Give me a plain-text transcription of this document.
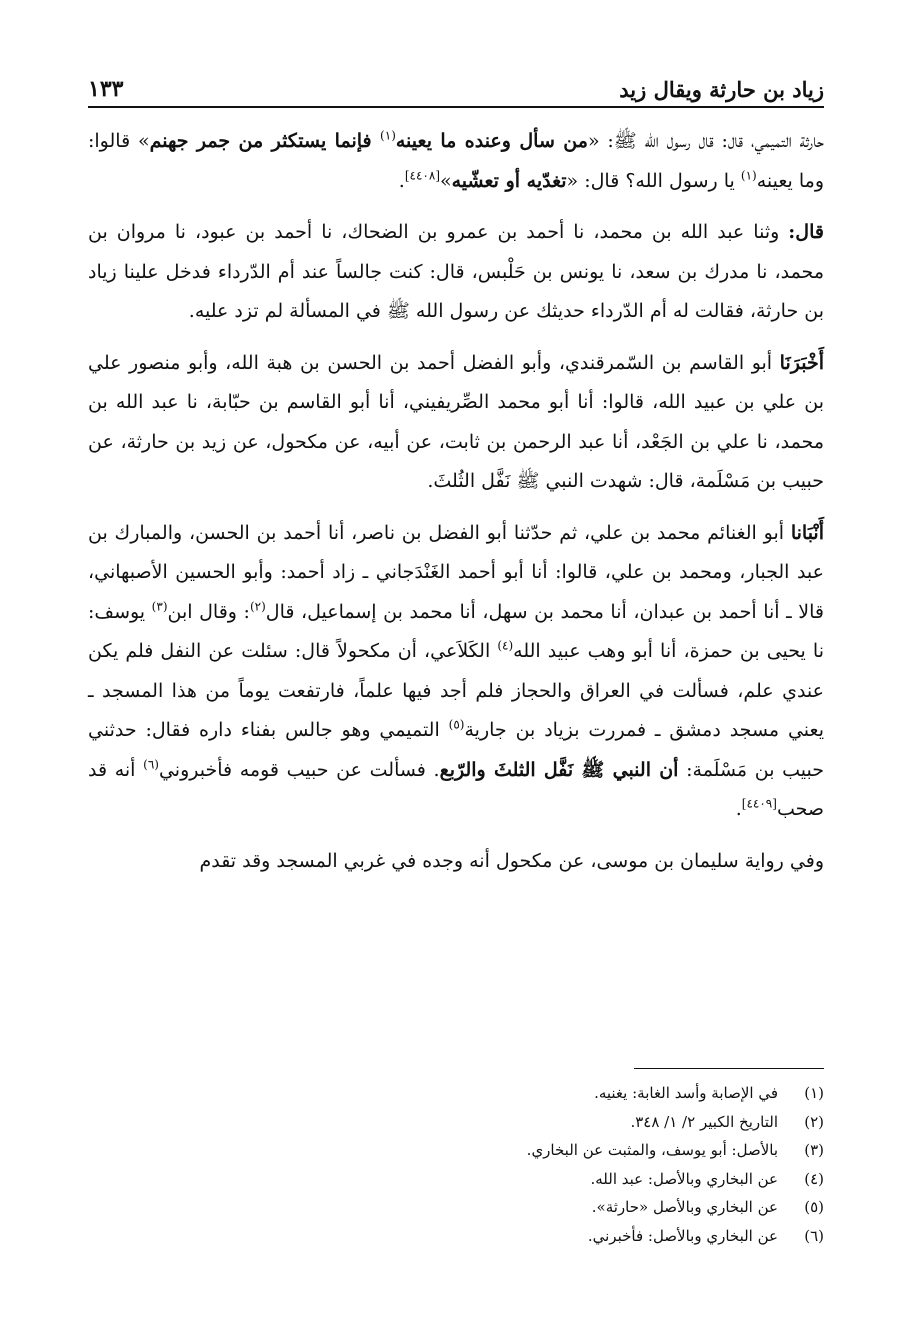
زياد بن حارثة ويقال زيد
١٣٣

حارثة التميمي، قال: قال رسول الله ﷺ: «من سأل وعنده ما يعينه$^{(١)}$ فإنما يستكثر من جمر جهنم» قالوا: وما يعينه$^{(١)}$ يا رسول الله؟ قال: «تغدّيه أو تعشّيه»[٤٤٠٨].

قال: وثنا عبد الله بن محمد، نا أحمد بن عمرو بن الضحاك، نا أحمد بن عبود، نا مروان بن محمد، نا مدرك بن سعد، نا يونس بن حَلْبس، قال: كنت جالساً عند أم الدّرداء فدخل علينا زياد بن حارثة، فقالت له أم الدّرداء حديثك عن رسول الله ﷺ في المسألة لم تزد عليه.

أَخْبَرَنَا أبو القاسم بن السّمرقندي، وأبو الفضل أحمد بن الحسن بن هبة الله، وأبو منصور علي بن علي بن عبيد الله، قالوا: أنا أبو محمد الصِّريفيني، أنا أبو القاسم بن حبّابة، نا عبد الله بن محمد، نا علي بن الجَعْد، أنا عبد الرحمن بن ثابت، عن أبيه، عن مكحول، عن زيد بن حارثة، عن حبيب بن مَسْلَمة، قال: شهدت النبي ﷺ نَفَّل الثُلثَ.

أَنْبَانا أبو الغنائم محمد بن علي، ثم حدّثنا أبو الفضل بن ناصر، أنا أحمد بن الحسن، والمبارك بن عبد الجبار، ومحمد بن علي، قالوا: أنا أبو أحمد الغَنْدَجاني ـ زاد أحمد: وأبو الحسين الأصبهاني، قالا ـ أنا أحمد بن عبدان، أنا محمد بن سهل، أنا محمد بن إسماعيل، قال$^{(٢)}$: وقال ابن$^{(٣)}$ يوسف: نا يحيى بن حمزة، أنا أبو وهب عبيد الله$^{(٤)}$ الكَلاَعي، أن مكحولاً قال: سئلت عن النفل فلم يكن عندي علم، فسألت في العراق والحجاز فلم أجد فيها علماً، فارتفعت يوماً من هذا المسجد ـ يعني مسجد دمشق ـ فمررت بزياد بن جارية$^{(٥)}$ التميمي وهو جالس بفناء داره فقال: حدثني حبيب بن مَسْلَمة: أن النبي ﷺ نَفَّل الثلثَ والرّبع. فسألت عن حبيب قومه فأخبروني$^{(٦)}$ أنه قد صحب[٤٤٠٩].

وفي رواية سليمان بن موسى، عن مكحول أنه وجده في غربي المسجد وقد تقدم

(١)
في الإصابة وأسد الغابة: يغنيه.
(٢)
التاريخ الكبير ٢/ ١/ ٣٤٨.
(٣)
بالأصل: أبو يوسف، والمثبت عن البخاري.
(٤)
عن البخاري وبالأصل: عبد الله.
(٥)
عن البخاري وبالأصل «حارثة».
(٦)
عن البخاري وبالأصل: فأخبرني.
